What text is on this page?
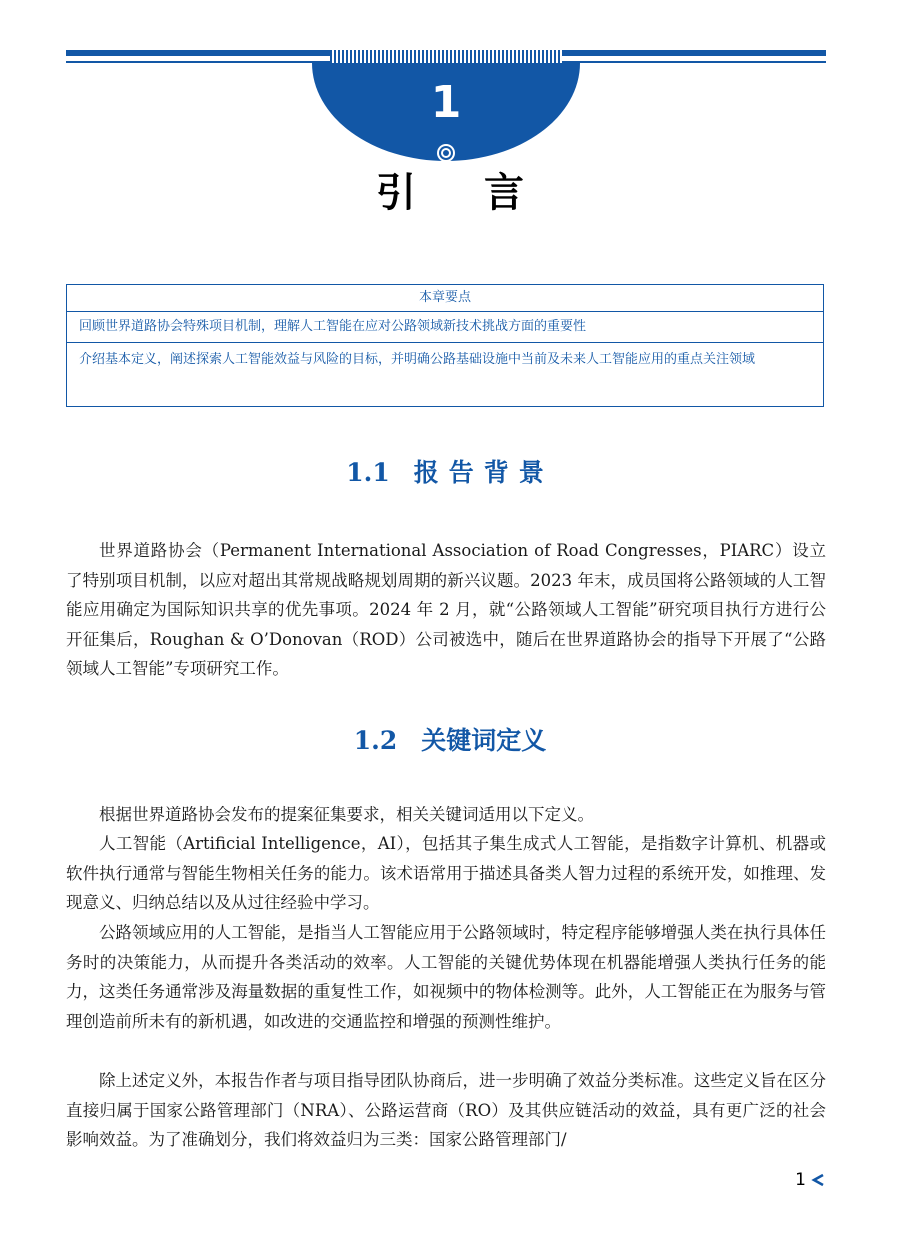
1
引言
本章要点
回顾世界道路协会特殊项目机制，理解人工智能在应对公路领域新技术挑战方面的重要性
介绍基本定义，阐述探索人工智能效益与风险的目标，并明确公路基础设施中当前及未来人工智能应用的重点关注领域
1.1 报告背景

世界道路协会（Permanent International Association of Road Congresses，PIARC）设立了特别项目机制，以应对超出其常规战略规划周期的新兴议题。2023 年末，成员国将公路领域的人工智能应用确定为国际知识共享的优先事项。2024 年 2 月，就“公路领域人工智能”研究项目执行方进行公开征集后，Roughan & O’Donovan（ROD）公司被选中，随后在世界道路协会的指导下开展了“公路领域人工智能”专项研究工作。

1.2 关键词定义

根据世界道路协会发布的提案征集要求，相关关键词适用以下定义。

人工智能（Artificial Intelligence，AI），包括其子集生成式人工智能，是指数字计算机、机器或软件执行通常与智能生物相关任务的能力。该术语常用于描述具备类人智力过程的系统开发，如推理、发现意义、归纳总结以及从过往经验中学习。

公路领域应用的人工智能，是指当人工智能应用于公路领域时，特定程序能够增强人类在执行具体任务时的决策能力，从而提升各类活动的效率。人工智能的关键优势体现在机器能增强人类执行任务的能力，这类任务通常涉及海量数据的重复性工作，如视频中的物体检测等。此外，人工智能正在为服务与管理创造前所未有的新机遇，如改进的交通监控和增强的预测性维护。

除上述定义外，本报告作者与项目指导团队协商后，进一步明确了效益分类标准。这些定义旨在区分直接归属于国家公路管理部门（NRA）、公路运营商（RO）及其供应链活动的效益，具有更广泛的社会影响效益。为了准确划分，我们将效益归为三类：国家公路管理部门/

1
